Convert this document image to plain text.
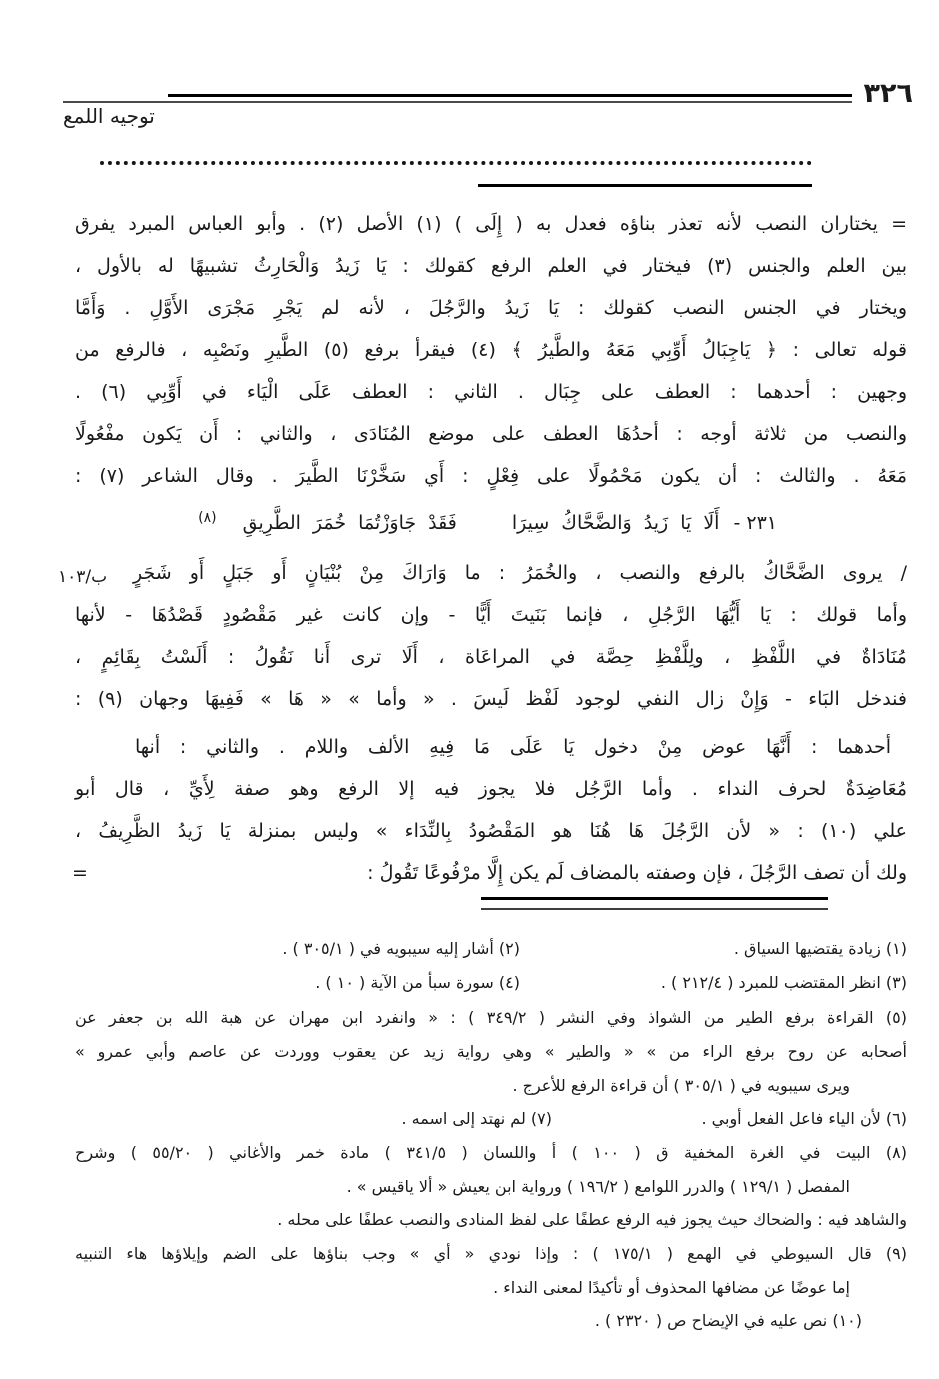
٣٢٦
توجيه اللمع
= يختاران النصب لأنه تعذر بناؤه فعدل به ( إِلَى ) (١) الأصل (٢) . وأبو العباس المبرد يفرق
بين العلم والجنس (٣) فيختار في العلم الرفع كقولك : يَا زَيدُ وَالْحَارِثُ تشبيهًا له بالأول ،
ويختار في الجنس النصب كقولك : يَا زَيدُ والرَّجُلَ ، لأنه لم يَجْرِ مَجْرَى الأَوَّلِ . وَأَمَّا
قوله تعالى : ﴿ يَاجِبَالُ أَوِّبِي مَعَهُ والطَّيرُ ﴾ (٤) فيقرأ برفع (٥) الطَّيرِ ونَصْبِه ، فالرفع من
وجهين : أحدهما : العطف على جِبَال . الثاني : العطف عَلَى الْيَاء في أَوِّبِي (٦) .
والنصب من ثلاثة أوجه : أحدُهَا العطف على موضع المُنَادَى ، والثاني : أَن يَكون مفْعُولًا
مَعَهُ . والثالث : أن يكون مَحْمُولًا على فِعْلٍ : أَي سَخَّرْنَا الطَّيرَ . وقال الشاعر (٧) :
٢٣١ -
أَلَا يَا زَيدُ وَالضَّحَّاكُ سِيرَا
فَقَدْ جَاوَزْتُمَا خُمَرَ الطَّرِيقِ
(٨)
/ يروى الضَّحَّاكُ بالرفع والنصب ، والخُمَرُ : ما وَارَاكَ مِنْ بُنْيَانٍ أَو جَبَلٍ أَو شَجَرٍ
١٠٣/ب
وأما قولك : يَا أَيُّهَا الرَّجُلِ ، فإنما بَنَيتَ أَيًّا - وإن كانت غير مَقْصُودٍ قَصْدُهَا - لأنها
مُنَادَاةٌ في اللَّفْظِ ، ولِلَّفْظِ حِصَّة في المراعَاة ، أَلَا ترى أَنا نَقُولُ : أَلَسْتُ بِقَائِمٍ ،
فندخل البَاء - وَإِنْ زال النفي لوجود لَفْظ لَيسَ . « وأما » « هَا » فَفِيهَا وجهان (٩) :
أحدهما : أَنَّهَا عوض مِنْ دخول يَا عَلَى مَا فِيهِ الألف واللام . والثاني : أنها
مُعَاضِدَةٌ لحرف النداء . وأما الرَّجُل فلا يجوز فيه إلا الرفع وهو صفة لِأَيِّ ، قال أبو
علي (١٠) : « لأن الرَّجُلَ هَا هُنَا هو المَقْصُودُ بِالنِّدَاء » وليس بمنزلة يَا زَيدُ الظَّرِيفُ ،
ولك أن تصف الرَّجُلَ ، فإن وصفته بالمضاف لَم يكن إِلَّا مرْفُوعًا تَقُولُ :
=
(١) زيادة يقتضيها السياق .
(٢) أشار إليه سيبويه في ( ٣٠٥/١ ) .
(٣) انظر المقتضب للمبرد ( ٢١٢/٤ ) .
(٤) سورة سبأ من الآية ( ١٠ ) .
(٥) القراءة برفع الطير من الشواذ وفي النشر ( ٣٤٩/٢ ) : « وانفرد ابن مهران عن هبة الله بن جعفر عن
أصحابه عن روح برفع الراء من » « والطير » وهي رواية زيد عن يعقوب ووردت عن عاصم وأبي عمرو »
ويرى سيبويه في ( ٣٠٥/١ ) أن قراءة الرفع للأعرج .
(٦) لأن الياء فاعل الفعل أوبي .
(٧) لم نهتد إلى اسمه .
(٨) البيت في الغرة المخفية ق ( ١٠٠ ) أ واللسان ( ٣٤١/٥ ) مادة خمر والأغاني ( ٥٥/٢٠ ) وشرح
المفصل ( ١٢٩/١ ) والدرر اللوامع ( ١٩٦/٢ ) ورواية ابن يعيش « ألا ياقيس » .
والشاهد فيه : والضحاك حيث يجوز فيه الرفع عطفًا على لفظ المنادى والنصب عطفًا على محله .
(٩) قال السيوطي في الهمع ( ١٧٥/١ ) : وإذا نودي « أي » وجب بناؤها على الضم وإيلاؤها هاء التنبيه
إما عوضًا عن مضافها المحذوف أو تأكيدًا لمعنى النداء .
(١٠) نص عليه في الإيضاح ص ( ٢٣٢٠ ) .
